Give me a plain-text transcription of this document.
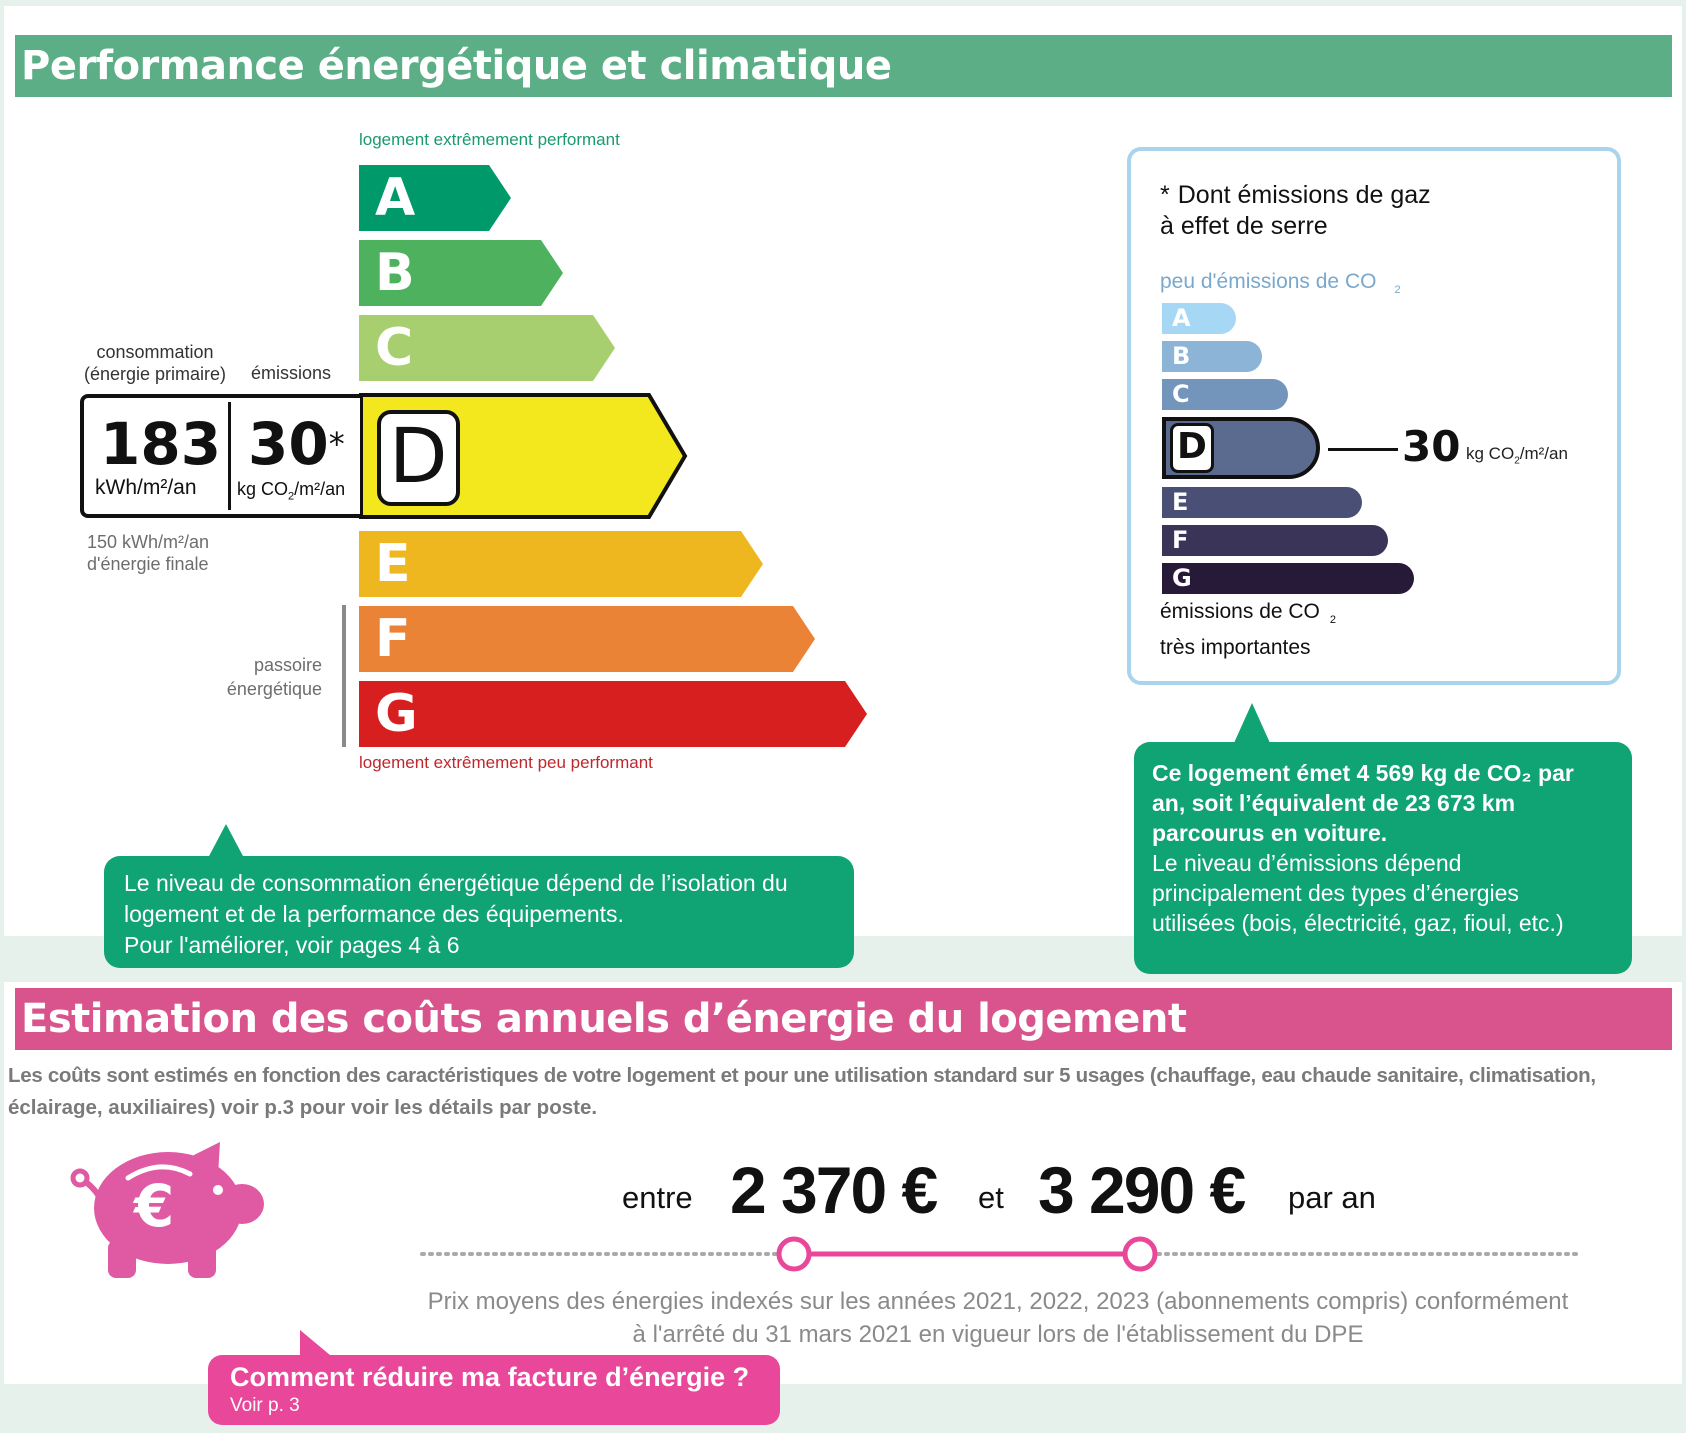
Performance énergétique et climatique
logement extrêmement performant
A
B
C
D
E
F
G
logement extrêmement peu performant
consommation
(énergie primaire) émissions
183
kWh/m²/an
30*
kg $CO_2/m^2/an$
150 kWh/m²/an
d'énergie finale
passoire
énergétique
Le niveau de consommation énergétique dépend de l’isolation du
logement et de la performance des équipements.
Pour l'améliorer, voir pages 4 à 6
* Dont émissions de gaz
à effet de serre
peu d'émissions de CO $_2$
A
B
C
D
E
F
G
30 kg $CO_2/m^2/an$
émissions de CO $_2$
très importantes
Ce logement émet 4 569 kg de CO₂ par
an, soit l’équivalent de 23 673 km
parcourus en voiture.
Le niveau d’émissions dépend
principalement des types d’énergies
utilisées (bois, électricité, gaz, fioul, etc.)
Estimation des coûts annuels d’énergie du logement
Les coûts sont estimés en fonction des caractéristiques de votre logement et pour une utilisation standard sur 5 usages (chauffage, eau chaude sanitaire, climatisation,
éclairage, auxiliaires) voir p.3 pour voir les détails par poste.
€	entre 2 370 € et 3 290 € par an
Prix moyens des énergies indexés sur les années 2021, 2022, 2023 (abonnements compris) conformément
à l'arrêté du 31 mars 2021 en vigueur lors de l'établissement du DPE
Comment réduire ma facture d’énergie ?
Voir p. 3
